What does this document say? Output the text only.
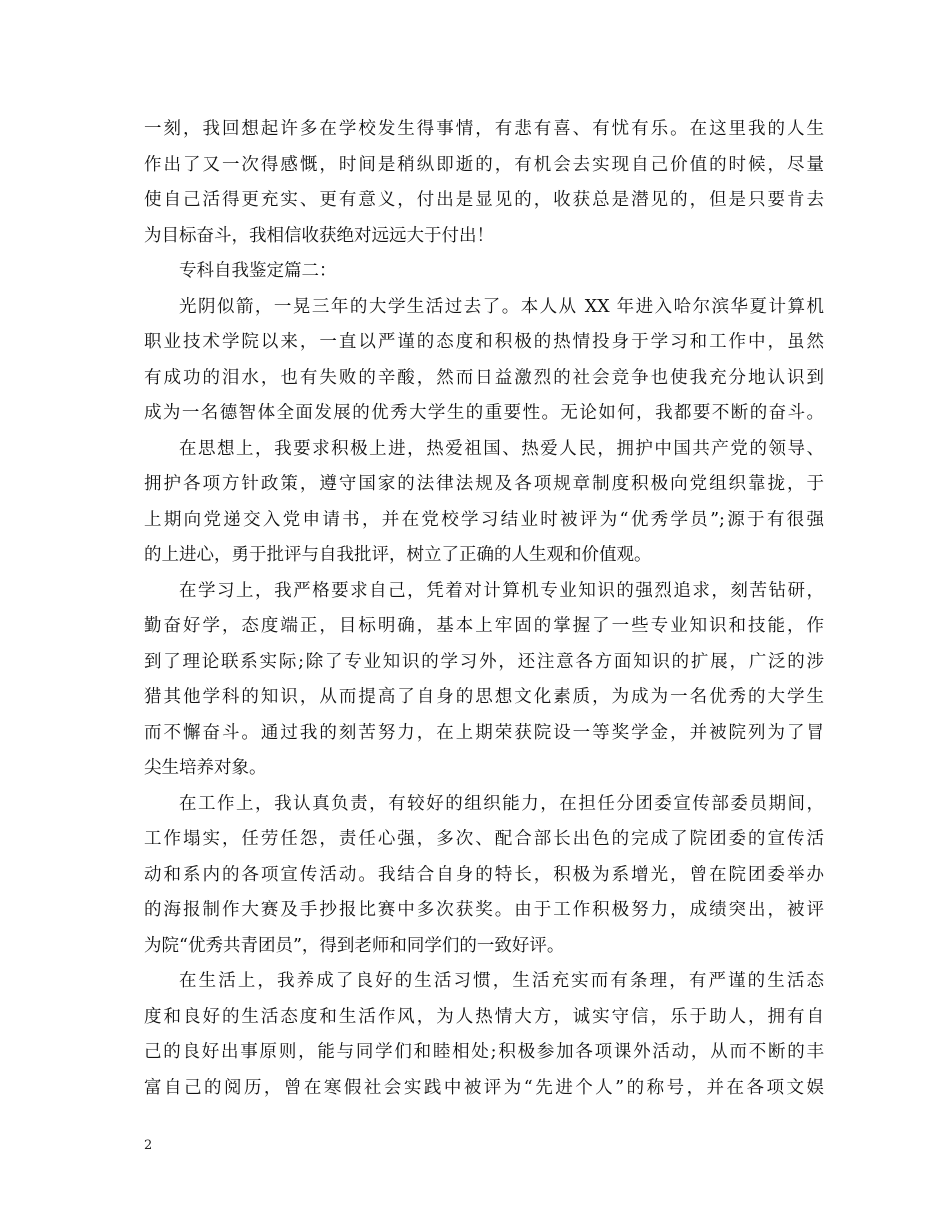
一刻，我回想起许多在学校发生得事情，有悲有喜、有忧有乐。在这里我的人生
作出了又一次得感慨，时间是稍纵即逝的，有机会去实现自己价值的时候，尽量
使自己活得更充实、更有意义，付出是显见的，收获总是潜见的，但是只要肯去
为目标奋斗，我相信收获绝对远远大于付出！
专科自我鉴定篇二：
光阴似箭，一晃三年的大学生活过去了。本人从 XX 年进入哈尔滨华夏计算机
职业技术学院以来，一直以严谨的态度和积极的热情投身于学习和工作中，虽然
有成功的泪水，也有失败的辛酸，然而日益激烈的社会竞争也使我充分地认识到
成为一名德智体全面发展的优秀大学生的重要性。无论如何，我都要不断的奋斗。
在思想上，我要求积极上进，热爱祖国、热爱人民，拥护中国共产党的领导、
拥护各项方针政策，遵守国家的法律法规及各项规章制度积极向党组织靠拢，于
上期向党递交入党申请书，并在党校学习结业时被评为“优秀学员”;源于有很强
的上进心，勇于批评与自我批评，树立了正确的人生观和价值观。
在学习上，我严格要求自己，凭着对计算机专业知识的强烈追求，刻苦钻研，
勤奋好学，态度端正，目标明确，基本上牢固的掌握了一些专业知识和技能，作
到了理论联系实际;除了专业知识的学习外，还注意各方面知识的扩展，广泛的涉
猎其他学科的知识，从而提高了自身的思想文化素质，为成为一名优秀的大学生
而不懈奋斗。通过我的刻苦努力，在上期荣获院设一等奖学金，并被院列为了冒
尖生培养对象。
在工作上，我认真负责，有较好的组织能力，在担任分团委宣传部委员期间，
工作塌实，任劳任怨，责任心强，多次、配合部长出色的完成了院团委的宣传活
动和系内的各项宣传活动。我结合自身的特长，积极为系增光，曾在院团委举办
的海报制作大赛及手抄报比赛中多次获奖。由于工作积极努力，成绩突出，被评
为院“优秀共青团员”，得到老师和同学们的一致好评。
在生活上，我养成了良好的生活习惯，生活充实而有条理，有严谨的生活态
度和良好的生活态度和生活作风，为人热情大方，诚实守信，乐于助人，拥有自
己的良好出事原则，能与同学们和睦相处;积极参加各项课外活动，从而不断的丰
富自己的阅历，曾在寒假社会实践中被评为“先进个人”的称号，并在各项文娱
2
